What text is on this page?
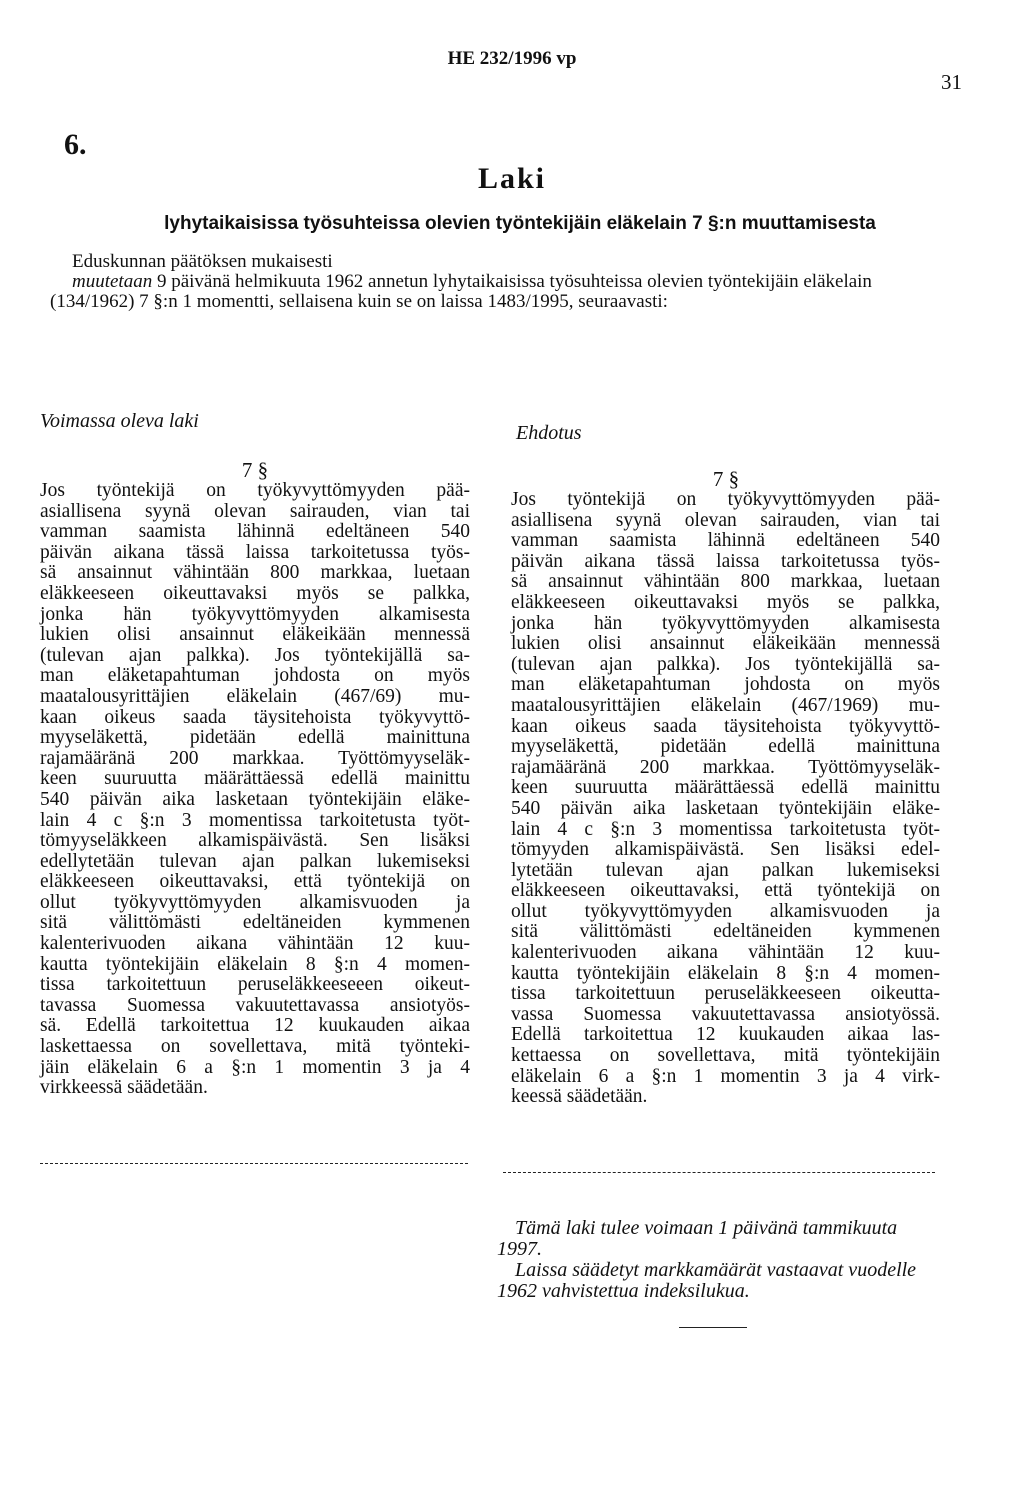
HE 232/1996 vp
31
6.
Laki
lyhytaikaisissa työsuhteissa olevien työntekijäin eläkelain 7 §:n muuttamisesta

Eduskunnan päätöksen mukaisesti

muutetaan 9 päivänä helmikuuta 1962 annetun lyhytaikaisissa työsuhteissa olevien työntekijäin eläkelain (134/1962) 7 §:n 1 momentti, sellaisena kuin se on laissa 1483/1995, seuraavasti:

Voimassa oleva laki
Ehdotus
7 §	7 §
Jos työntekijä on työkyvyttömyyden pää-
asiallisena syynä olevan sairauden, vian tai
vamman saamista lähinnä edeltäneen 540
päivän aikana tässä laissa tarkoitetussa työs-
sä ansainnut vähintään 800 markkaa, luetaan
eläkkeeseen oikeuttavaksi myös se palkka,
jonka hän työkyvyttömyyden alkamisesta
lukien olisi ansainnut eläkeikään mennessä
(tulevan ajan palkka). Jos työntekijällä sa-
man eläketapahtuman johdosta on myös
maatalousyrittäjien eläkelain (467/69) mu-
kaan oikeus saada täysitehoista työkyvyttö-
myyseläkettä, pidetään edellä mainittuna
rajamääränä 200 markkaa. Työttömyyseläk-
keen suuruutta määrättäessä edellä mainittu
540 päivän aika lasketaan työntekijäin eläke-
lain 4 c §:n 3 momentissa tarkoitetusta työt-
tömyyseläkkeen alkamispäivästä. Sen lisäksi
edellytetään tulevan ajan palkan lukemiseksi
eläkkeeseen oikeuttavaksi, että työntekijä on
ollut työkyvyttömyyden alkamisvuoden ja
sitä välittömästi edeltäneiden kymmenen
kalenterivuoden aikana vähintään 12 kuu-
kautta työntekijäin eläkelain 8 §:n 4 momen-
tissa tarkoitettuun peruseläkkeeseeen oikeut-
tavassa Suomessa vakuutettavassa ansiotyös-
sä. Edellä tarkoitettua 12 kuukauden aikaa
laskettaessa on sovellettava, mitä työntekі-
jäin eläkelain 6 a §:n 1 momentin 3 ja 4
virkkeessä säädetään.
Jos työntekijä on työkyvyttömyyden pää-
asiallisena syynä olevan sairauden, vian tai
vamman saamista lähinnä edeltäneen 540
päivän aikana tässä laissa tarkoitetussa työs-
sä ansainnut vähintään 800 markkaa, luetaan
eläkkeeseen oikeuttavaksi myös se palkka,
jonka hän työkyvyttömyyden alkamisesta
lukien olisi ansainnut eläkeikään mennessä
(tulevan ajan palkka). Jos työntekijällä sa-
man eläketapahtuman johdosta on myös
maatalousyrittäjien eläkelain (467/1969) mu-
kaan oikeus saada täysitehoista työkyvyttö-
myyseläkettä, pidetään edellä mainittuna
rajamääränä 200 markkaa. Työttömyyseläk-
keen suuruutta määrättäessä edellä mainittu
540 päivän aika lasketaan työntekijäin eläke-
lain 4 c §:n 3 momentissa tarkoitetusta työt-
tömyyden alkamispäivästä. Sen lisäksi edel-
lytetään tulevan ajan palkan lukemiseksi
eläkkeeseen oikeuttavaksi, että työntekijä on
ollut työkyvyttömyyden alkamisvuoden ja
sitä välittömästi edeltäneiden kymmenen
kalenterivuoden aikana vähintään 12 kuu-
kautta työntekijäin eläkelain 8 §:n 4 momen-
tissa tarkoitettuun peruseläkkeeseen oikeutta-
vassa Suomessa vakuutettavassa ansiotyössä.
Edellä tarkoitettua 12 kuukauden aikaa las-
kettaessa on sovellettava, mitä työntekijäin
eläkelain 6 a §:n 1 momentin 3 ja 4 virk-
keessä säädetään.

Tämä laki tulee voimaan 1 päivänä tammikuuta 1997.

Laissa säädetyt markkamäärät vastaavat vuodelle 1962 vahvistettua indeksilukua.
